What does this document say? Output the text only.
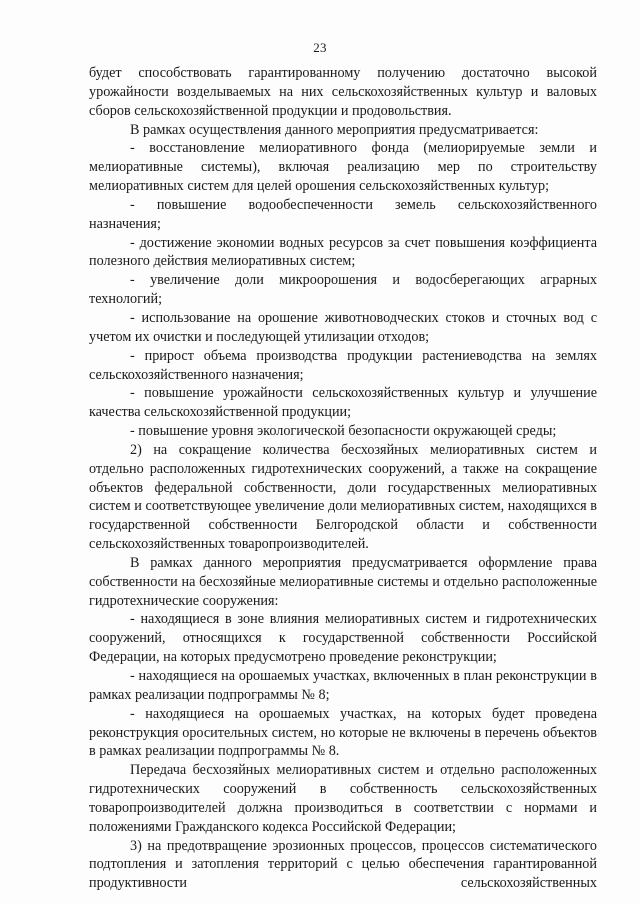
23

будет способствовать гарантированному получению достаточно высокой урожайности возделываемых на них сельскохозяйственных культур и валовых сборов сельскохозяйственной продукции и продовольствия.

В рамках осуществления данного мероприятия предусматривается:

- восстановление мелиоративного фонда (мелиорируемые земли и мелиоративные системы), включая реализацию мер по строительству мелиоративных систем для целей орошения сельскохозяйственных культур;

- повышение водообеспеченности земель сельскохозяйственного назначения;

- достижение экономии водных ресурсов за счет повышения коэффициента полезного действия мелиоративных систем;

- увеличение доли микроорошения и водосберегающих аграрных технологий;

- использование на орошение животноводческих стоков и сточных вод с учетом их очистки и последующей утилизации отходов;

- прирост объема производства продукции растениеводства на землях сельскохозяйственного назначения;

- повышение урожайности сельскохозяйственных культур и улучшение качества сельскохозяйственной продукции;

- повышение уровня экологической безопасности окружающей среды;

2) на сокращение количества бесхозяйных мелиоративных систем и отдельно расположенных гидротехнических сооружений, а также на сокращение объектов федеральной собственности, доли государственных мелиоративных систем и соответствующее увеличение доли мелиоративных систем, находящихся в государственной собственности Белгородской области и собственности сельскохозяйственных товаропроизводителей.

В рамках данного мероприятия предусматривается оформление права собственности на бесхозяйные мелиоративные системы и отдельно расположенные гидротехнические сооружения:

- находящиеся в зоне влияния мелиоративных систем и гидротехнических сооружений, относящихся к государственной собственности Российской Федерации, на которых предусмотрено проведение реконструкции;

- находящиеся на орошаемых участках, включенных в план реконструкции в рамках реализации подпрограммы № 8;

- находящиеся на орошаемых участках, на которых будет проведена реконструкция оросительных систем, но которые не включены в перечень объектов в рамках реализации подпрограммы № 8.

Передача бесхозяйных мелиоративных систем и отдельно расположенных гидротехнических сооружений в собственность сельскохозяйственных товаропроизводителей должна производиться в соответствии с нормами и положениями Гражданского кодекса Российской Федерации;

3) на предотвращение эрозионных процессов, процессов систематического подтопления и затопления территорий с целью обеспечения гарантированной продуктивности сельскохозяйственных
